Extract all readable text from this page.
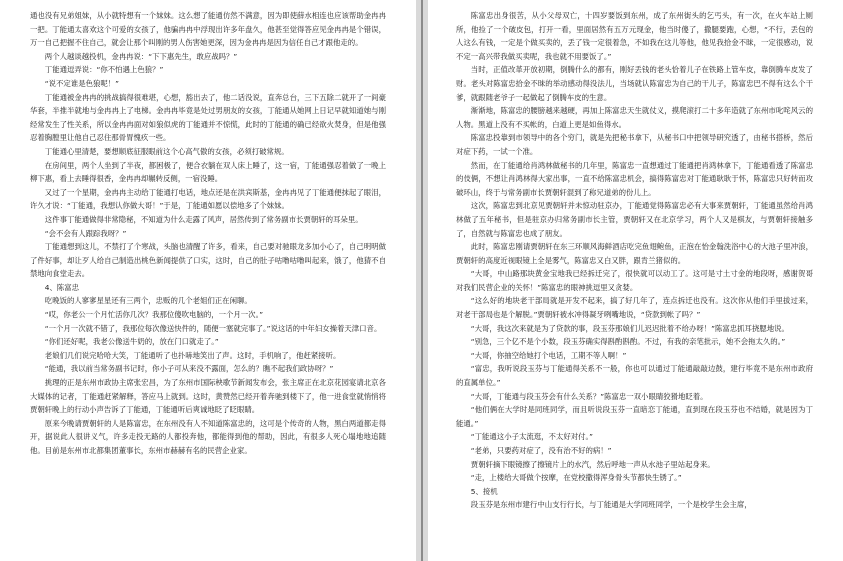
通也没有兄弟姐妹，从小就特想有一个妹妹。这么想了能通仿然不满意，因为即使薛水相连也应该帮助金冉冉一把。丁能通太喜欢这个可爱的女孩了，他骗冉冉中浮现出许多年盘久，他甚至觉得答应见金冉冉是个错误，万一自己把握不住自己，就会让那个叫刚的男人伤害她更深，因为金冉冉是因为信任自己才跟他走的。

两个人越谈越投机，金冉冉说：“下下惠先生，敢应战吗？”

丁能通逗弄说：“你不怕遇上色狼？”

“说不定谁是色狼呢！”

丁能通被金冉冉的挑战搞得很难堪，心想，豁出去了，他二话没说，直奔总台，三下五除二就开了一间豪华套，半推半就地与金冉冉上了电梯。金冉冉毕竟是处过男朋友的女孩，丁能通从她网上日记早就知道她与刚经常发生了性关系，所以金冉冉面对如狼似虎的丁能通并不惊慌，此时的丁能通的确已经欲火焚身，但是他强忍着胸膛里让他自己忍住那骨胃愧疚一些。

丁能通心里清楚，要想顺底征服眼前这个心高气傲的女孩，必须打破常规。

在房间里，两个人坐到了半夜，都困极了，便合衣躺在双人床上睡了，这一宿，丁能通强忍着做了一晚上柳下惠，看上去睡得很香，金冉冉却辗转反侧，一宿没睡。

又过了一个星期，金冉冉主动给丁能通打电话，地点还是在洪宾斯基，金冉冉见了丁能通便抹起了眼泪，许久才说：“丁能通，我想认你做大哥！”于是，丁能通如愿以偿地多了个妹妹。

这件事丁能通做得非常隐秘，不知道为什么走露了风声，居然传到了常务副市长贾朝轩的耳朵里。

“会不会有人跟踪我呀？”

丁能通想到这儿，不禁打了个寒战，头脑也清醒了许多，看来，自己要对驰眼龙多加小心了，自己明明做了件好事，却让歹人给自己制造出桃色新闻提供了口实，这时，自己的肚子咕噜咕噜叫起来，饿了，他猜不自禁地向食堂走去。

4、陈富忠

吃晚饭的人寥寥星星还有三两个，忠贩的几个老姐们正在闲聊。

“哎，你老公一个月忙活你几次？我那位傻吹电脑的，一个月一次。”

“一个月一次就不错了，我那位每次像送快件的，随便一塞就完事了。”说这话的中年妇女操着天津口音。

“你们还好呢，我老公像送牛奶的，放在门口就走了。”

老娘们几们说完哈哈大笑，丁能通听了也扑哧地笑出了声。这时，手机响了，他赶紧接听。

“能通，我以前当常务副书记时，你小子可从来没不露面，怎么的？瞧不起我们政协呀？”

挑理的正是东州市政协主席张宏昌，为了东州市国际秧歌节新闻发布会，张主席正在北京花园宴请北京各大媒体的记者，丁能通赶紧解释，答应马上就到。这时，黄赞然已经开着奔驰到楼下了，他一进食堂就悄悄将贾朝轩晚上的行动小声告诉了丁能通，丁能通听后爽诚地眨了眨眼睛。

原来今晚请贾朝轩的人是陈富忠，在东州没有人不知道陈富忠的，这可是个传奇的人物，黑白两道都走得开，据说此人很讲义气，许多走投无路的人都投奔他，都能得到他的帮助，因此，有很多人死心塌地地追随他。目前是东州市北都集团董事长，东州市赫赫有名的民营企业家。

陈富忠出身很苦，从小父母双亡，十四岁要饭到东州，成了东州街头的乞丐头，有一次，在火车站上厕所，他捡了一个破皮包，打开一看，里面居然有五万元现金，他当时傻了，撒腿要跑，心想，“不行，丢包的人这么有钱，一定是个做买卖的，丢了钱一定很着急，不如我在这儿等他，他见我拾金不昧，一定很感动，说不定一高兴带我做买卖呢，我也就不用要饭了。”

当时，正值改革开放初期，倒腾什么的都有，刚好丢钱的老头恰着儿子在铁路上管车皮，靠倒腾车皮发了财。老头对陈富忠拾金不昧的举动感动得没法儿，当场就认陈富忠为自己的干儿子，陈富忠巴不得有这么个干爹，就跟随老爷子一起做起了倒腾车皮的生意。

渐渐地，陈富忠的腰膀越来越硬，再加上陈富忠天生就仗义，摸爬滚打二十多年造就了东州市叱咤风云的人物。黑道上没有不买帐的，白道上更是如鱼得水。

陈富忠投靠到市领导中的各个穷门，就是先把秘书拿下，从秘书口中把领导研究透了，由秘书搭桥，然后对症下药，一试一个准。

然而，在丁能通给肖鸿林做秘书的几年里，陈富忠一直想通过丁能通把肖鸿林拿下，丁能通看透了陈富忠的伎俩，不想让肖鸿林得大家出事，一直不给陈富忠机会，搞得陈富忠对丁能通耿耿于怀，陈富忠只好转而攻破环山，终于与常务副市长贾朝轩混到了称兄道弟的份儿上。

这次，陈富忠到北京见贾朝轩并未惊动驻京办，丁能通觉得陈富忠必有大事来贾朝轩，丁能通虽然给肖鸿林做了五年秘书，但是驻京办归常务副市长主管，贾朝轩又在北京学习，两个人又是棋友，与贾朝轩接触多了，自然就与陈富忠也成了朋友。

此时，陈富忠刚请贾朝轩在东三环顺风海鲜酒店吃完鱼翅鲍鱼，正泡在怡金翰洗浴中心的大池子里冲浪，贾朝轩的高度近视眼镜上全是雾气，陈富忠又白又胖，跟肯兰猪似的。

“大哥，中山路那块黄金宝地我已经拆迁完了，很快就可以动工了。这可是寸土寸金的地段呀，感谢贺哥对我们民营企业的关怀！”陈富忠的眼神挑逗里又贪婪。

“这么好的地块老干部局就是开发不起来，搞了好几年了，连点拆迁也没有。这次你从他们手里拔过来，对老干部局也是个解脱。”贾朝轩被水冲得凝牙咧嘴地说，“贷款到帐了吗？”

“大哥，我这次来就是为了贷款的事，段玉芬那娘们儿迟迟批着不给办呀！”陈富忠抓耳挠腮地说。

“别急，三个亿不是个小数，段玉芬确实得斟酌斟酌。不过，有我的亲笔批示，她不会拖太久的。”

“大哥，你抽空给她打个电话，工期不等人啊！”

“富忠，我听说段玉芬与丁能通得关系不一般，你也可以通过丁能通敲敲边鼓，建行毕竟不是东州市政府的直属单位。”

“大哥，丁能通与段玉芬会有什么关系？”陈富忠一双小眼睛狡猾地眨着。

“他们俩在大学时是同班同学，而且听说段玉芬一直暗恋丁能通，直到现在段玉芬也不结婚，就是因为丁能通。”

“丁能通这小子太流逛，不太好对付。”

“老弟，只要药对症了，没有治不好的病！”

贾朝轩摘下眼镜擦了擦镜片上的水汽，然后呼地一声从水池子里站起身来。

“走，上楼给大哥做个按摩，在党校撒得浑身骨头节都快生锈了。”

5、接机

段玉芬是东州市建行中山支行行长，与丁能通是大学同班同学，一个是校学生会主席，
